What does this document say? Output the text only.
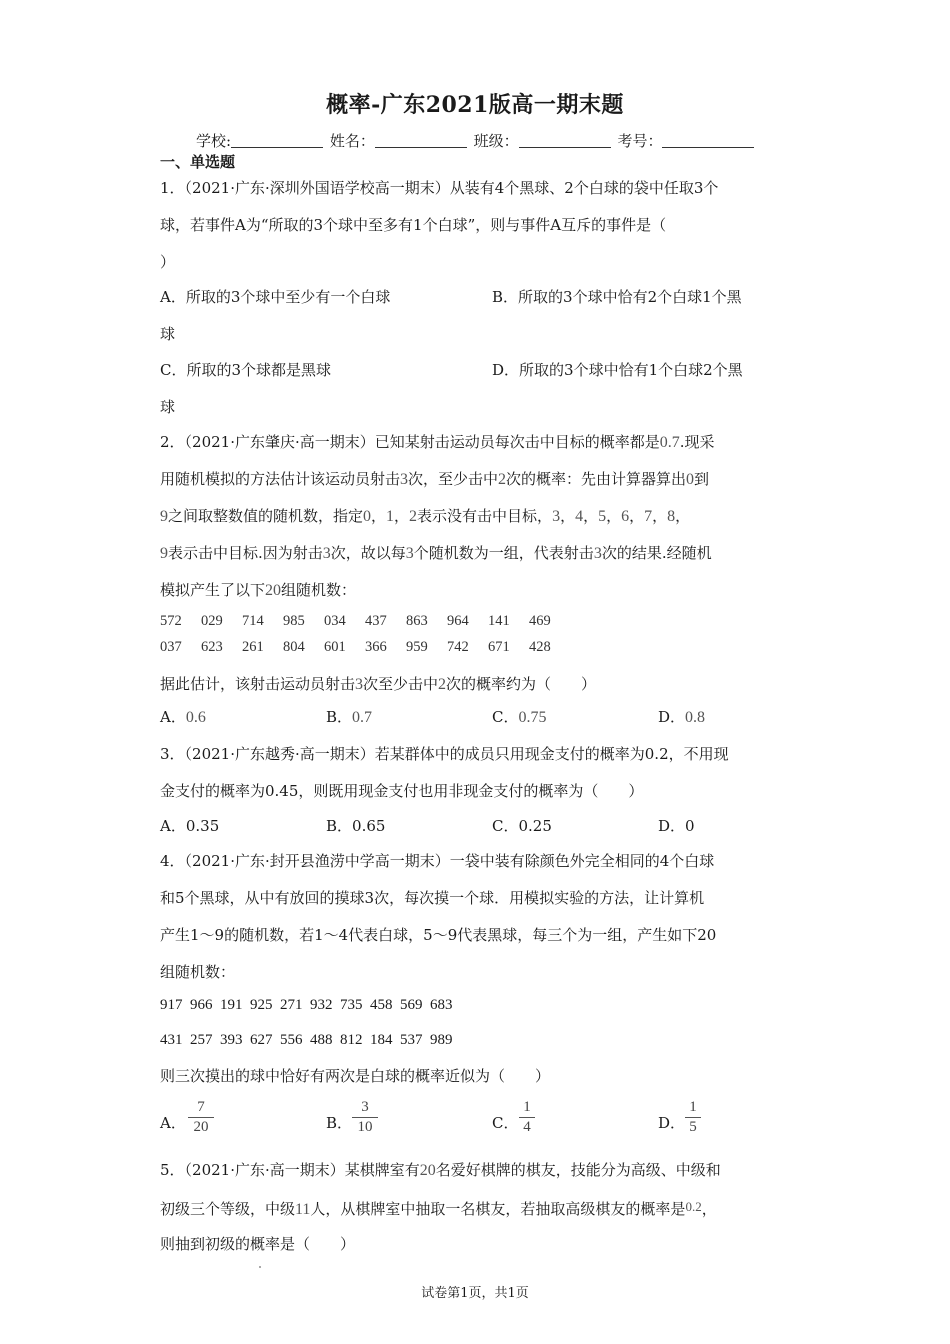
概率-广东2021版高一期末题
学校:	姓名：	班级：	考号：
一、单选题
1．（2021·广东·深圳外国语学校高一期末）从装有4个黑球、2个白球的袋中任取3个
球，若事件A为“所取的3个球中至多有1个白球”，则与事件A互斥的事件是（
）
A．所取的3个球中至少有一个白球	B．所取的3个球中恰有2个白球1个黑
球
C．所取的3个球都是黑球	D．所取的3个球中恰有1个白球2个黑
球
2．（2021·广东肇庆·高一期末）已知某射击运动员每次击中目标的概率都是0.7.现采
用随机模拟的方法估计该运动员射击3次，至少击中2次的概率：先由计算器算出0到
9之间取整数值的随机数，指定0，1，2表示没有击中目标，3，4，5，6，7，8，
9表示击中目标.因为射击3次，故以每3个随机数为一组，代表射击3次的结果.经随机
模拟产生了以下20组随机数：
572 029 714 985 034 437 863 964 141 469
037 623 261 804 601 366 959 742 671 428
据此估计，该射击运动员射击3次至少击中2次的概率约为（　　）
A．0.6	B．0.7	C．0.75	D．0.8
3．（2021·广东越秀·高一期末）若某群体中的成员只用现金支付的概率为0.2，不用现
金支付的概率为0.45，则既用现金支付也用非现金支付的概率为（　　）
A．0.35	B．0.65	C．0.25	D．0
4．（2021·广东·封开县渔涝中学高一期末）一袋中装有除颜色外完全相同的4个白球
和5个黑球，从中有放回的摸球3次，每次摸一个球．用模拟实验的方法，让计算机
产生1～9的随机数，若1～4代表白球，5～9代表黑球，每三个为一组，产生如下20
组随机数：
917  966  191  925  271  932  735  458  569  683
431  257  393  627  556  488  812  184  537  989
则三次摸出的球中恰好有两次是白球的概率近似为（　　）
A．
7
20	B．
3
10	C．
1
4	D．
1
5
5．（2021·广东·高一期末）某棋牌室有20名爱好棋牌的棋友，技能分为高级、中级和
初级三个等级，中级11人，从棋牌室中抽取一名棋友，若抽取高级棋友的概率是0.2，
则抽到初级的概率是（　　）
试卷第1页，共1页
